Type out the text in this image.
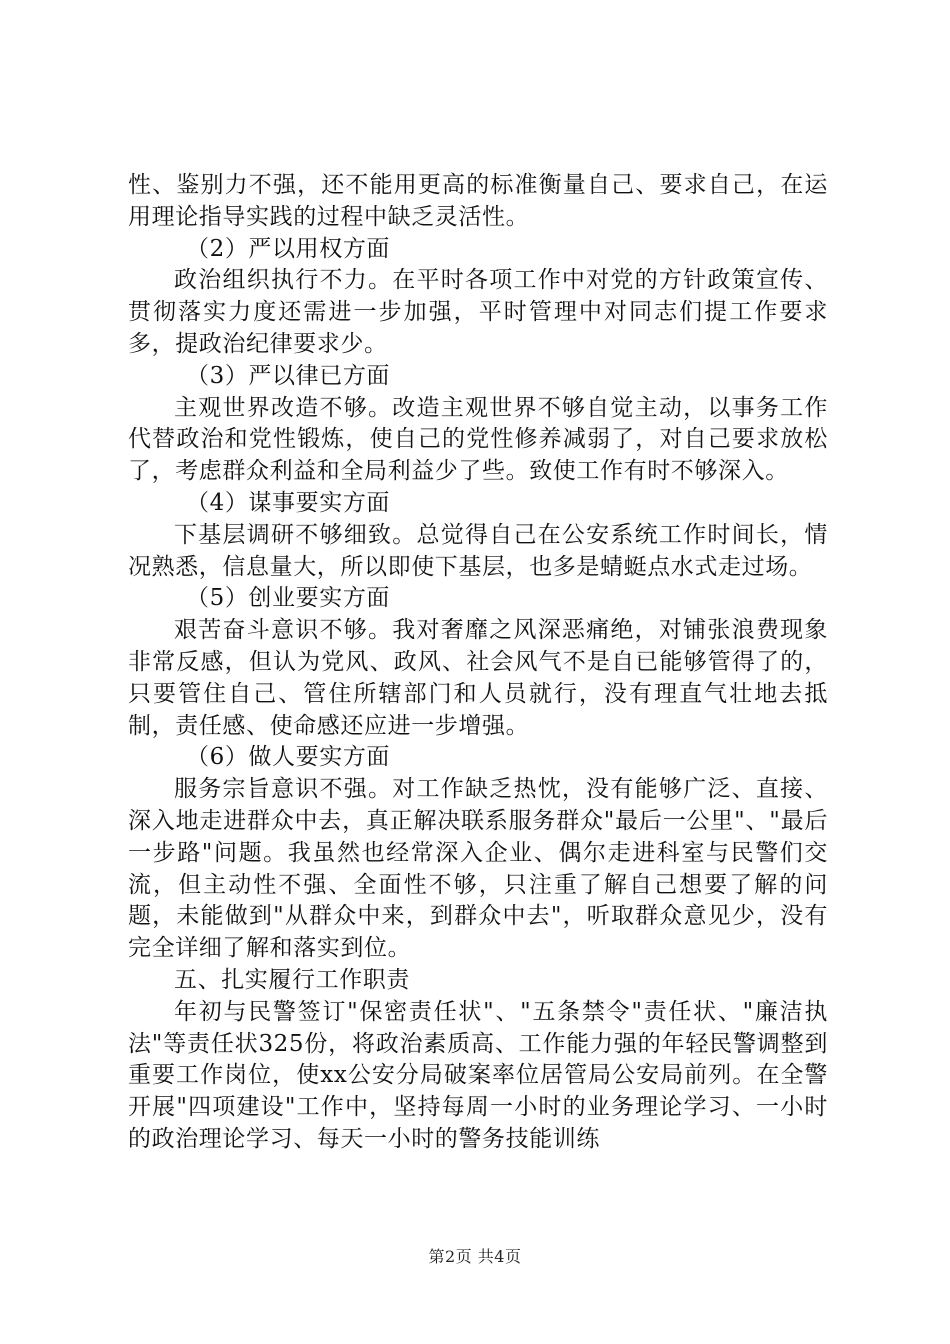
性、鉴别力不强，还不能用更高的标准衡量自己、要求自己，在运用理论指导实践的过程中缺乏灵活性。

（2）严以用权方面

政治组织执行不力。在平时各项工作中对党的方针政策宣传、贯彻落实力度还需进一步加强，平时管理中对同志们提工作要求多，提政治纪律要求少。

（3）严以律已方面

主观世界改造不够。改造主观世界不够自觉主动，以事务工作代替政治和党性锻炼，使自己的党性修养减弱了，对自己要求放松了，考虑群众利益和全局利益少了些。致使工作有时不够深入。

（4）谋事要实方面

下基层调研不够细致。总觉得自己在公安系统工作时间长，情况熟悉，信息量大，所以即使下基层，也多是蜻蜓点水式走过场。

（5）创业要实方面

艰苦奋斗意识不够。我对奢靡之风深恶痛绝，对铺张浪费现象非常反感，但认为党风、政风、社会风气不是自已能够管得了的，只要管住自己、管住所辖部门和人员就行，没有理直气壮地去抵制，责任感、使命感还应进一步增强。

（6）做人要实方面

服务宗旨意识不强。对工作缺乏热忱，没有能够广泛、直接、深入地走进群众中去，真正解决联系服务群众"最后一公里"、"最后一步路"问题。我虽然也经常深入企业、偶尔走进科室与民警们交流，但主动性不强、全面性不够，只注重了解自己想要了解的问题，未能做到"从群众中来，到群众中去"，听取群众意见少，没有完全详细了解和落实到位。

五、扎实履行工作职责

年初与民警签订"保密责任状"、"五条禁令"责任状、"廉洁执法"等责任状325份，将政治素质高、工作能力强的年轻民警调整到重要工作岗位，使xx公安分局破案率位居管局公安局前列。在全警开展"四项建设"工作中，坚持每周一小时的业务理论学习、一小时的政治理论学习、每天一小时的警务技能训练

第2页 共4页
